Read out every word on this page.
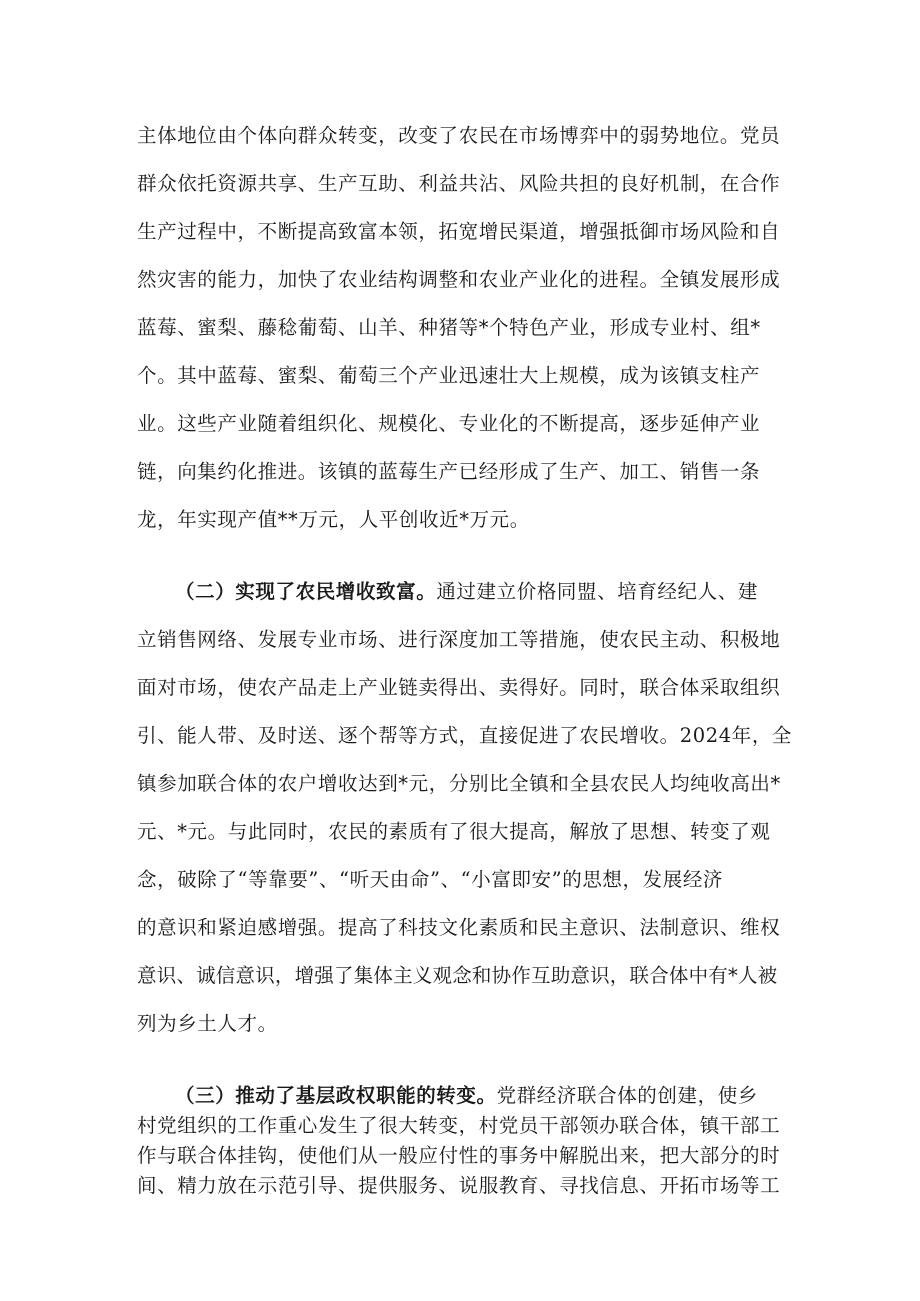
主体地位由个体向群众转变，改变了农民在市场博弈中的弱势地位。党员

群众依托资源共享、生产互助、利益共沾、风险共担的良好机制，在合作

生产过程中，不断提高致富本领，拓宽增民渠道，增强抵御市场风险和自

然灾害的能力，加快了农业结构调整和农业产业化的进程。全镇发展形成

蓝莓、蜜梨、藤稔葡萄、山羊、种猪等*个特色产业，形成专业村、组*

个。其中蓝莓、蜜梨、葡萄三个产业迅速壮大上规模，成为该镇支柱产

业。这些产业随着组织化、规模化、专业化的不断提高，逐步延伸产业

链，向集约化推进。该镇的蓝莓生产已经形成了生产、加工、销售一条

龙，年实现产值**万元，人平创收近*万元。

（二）实现了农民增收致富。通过建立价格同盟、培育经纪人、建

立销售网络、发展专业市场、进行深度加工等措施，使农民主动、积极地

面对市场，使农产品走上产业链卖得出、卖得好。同时，联合体采取组织

引、能人带、及时送、逐个帮等方式，直接促进了农民增收。2024年，全

镇参加联合体的农户增收达到*元，分别比全镇和全县农民人均纯收高出*

元、*元。与此同时，农民的素质有了很大提高，解放了思想、转变了观

念，破除了“等靠要”、“听天由命”、“小富即安”的思想，发展经济

的意识和紧迫感增强。提高了科技文化素质和民主意识、法制意识、维权

意识、诚信意识，增强了集体主义观念和协作互助意识，联合体中有*人被

列为乡土人才。

（三）推动了基层政权职能的转变。党群经济联合体的创建，使乡

村党组织的工作重心发生了很大转变，村党员干部领办联合体，镇干部工

作与联合体挂钩，使他们从一般应付性的事务中解脱出来，把大部分的时

间、精力放在示范引导、提供服务、说服教育、寻找信息、开拓市场等工
